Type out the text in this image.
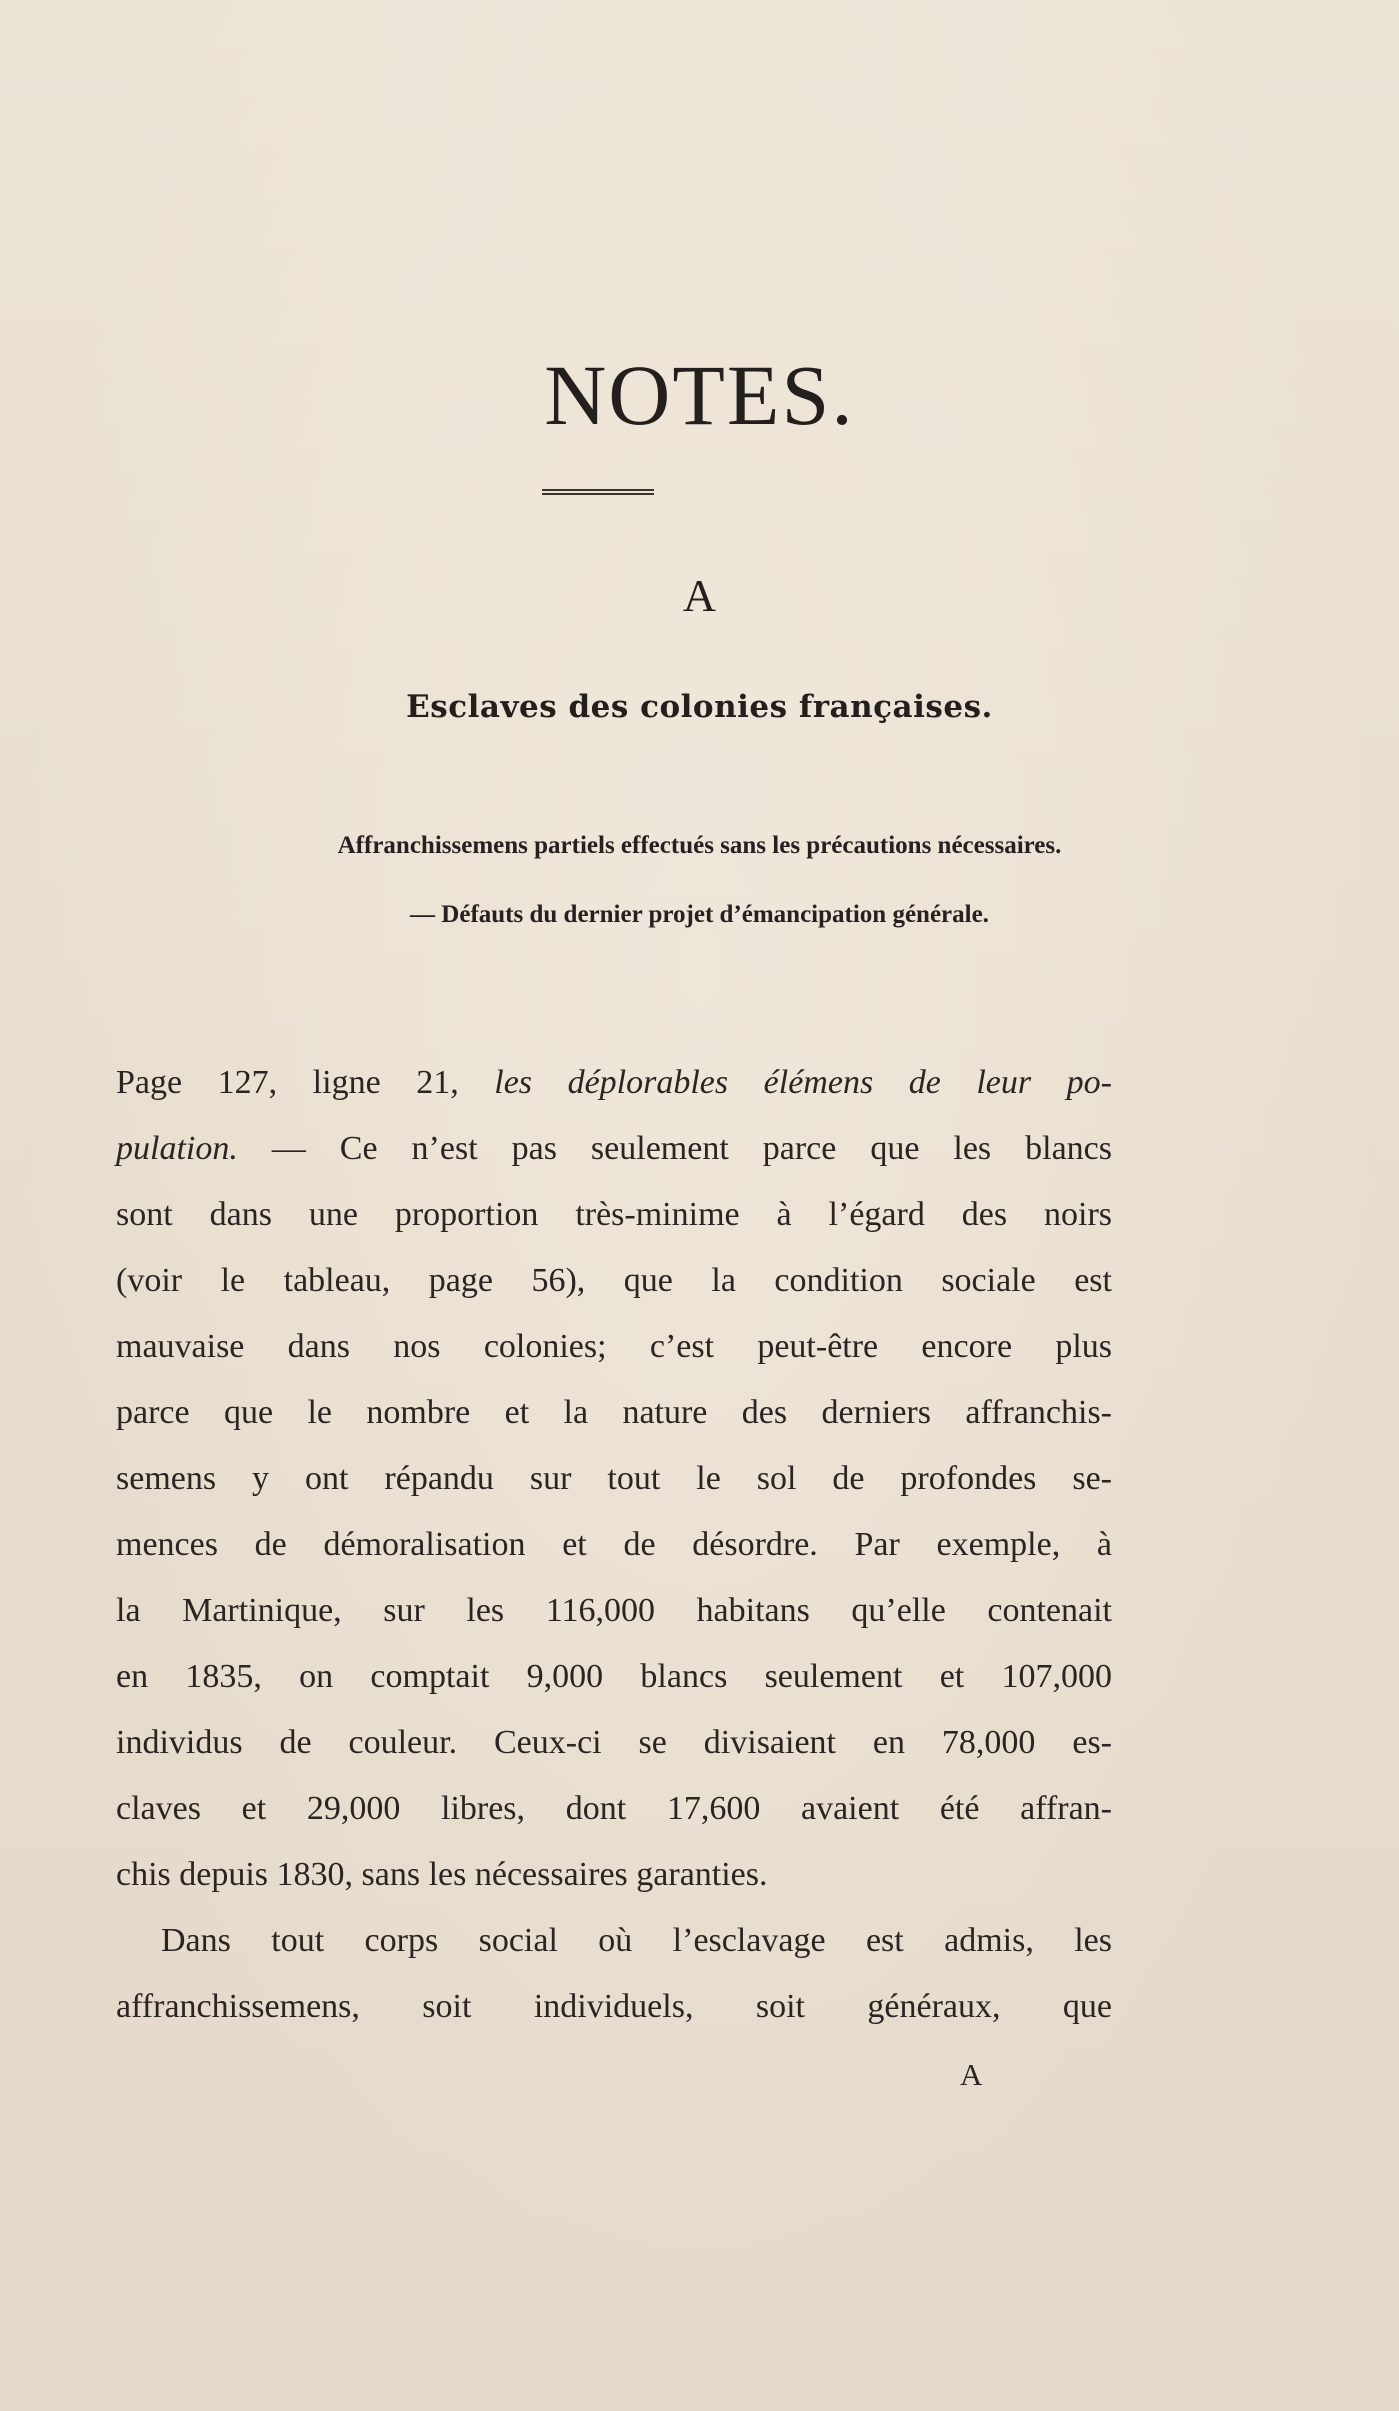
NOTES.
A
Esclaves des colonies françaises.
Affranchissemens partiels effectués sans les précautions nécessaires.
— Défauts du dernier projet d’émancipation générale.
Page 127, ligne 21, les déplorables élémens de leur po-
pulation. — Ce n’est pas seulement parce que les blancs
sont dans une proportion très-minime à l’égard des noirs
(voir le tableau, page 56), que la condition sociale est
mauvaise dans nos colonies; c’est peut-être encore plus
parce que le nombre et la nature des derniers affranchis-
semens y ont répandu sur tout le sol de profondes se-
mences de démoralisation et de désordre. Par exemple, à
la Martinique, sur les 116,000 habitans qu’elle contenait
en 1835, on comptait 9,000 blancs seulement et 107,000
individus de couleur. Ceux-ci se divisaient en 78,000 es-
claves et 29,000 libres, dont 17,600 avaient été affran-
chis depuis 1830, sans les nécessaires garanties.
Dans tout corps social où l’esclavage est admis, les
affranchissemens, soit individuels, soit généraux, que
A
